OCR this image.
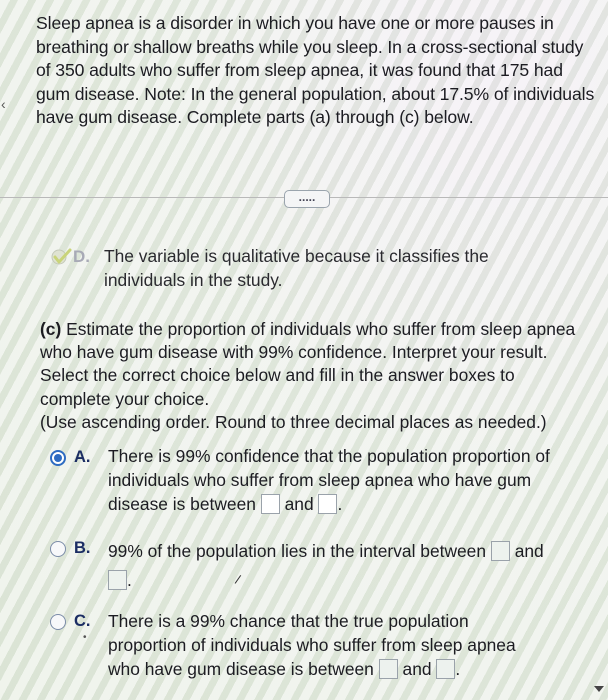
‹
Sleep apnea is a disorder in which you have one or more pauses in breathing or shallow breaths while you sleep. In a cross-sectional study of 350 adults who suffer from sleep apnea, it was found that 175 had gum disease. Note: In the general population, about 17.5% of individuals have gum disease. Complete parts (a) through (c) below.
.....
D. The variable is qualitative because it classifies the individuals in the study.
(c) Estimate the proportion of individuals who suffer from sleep apnea who have gum disease with 99% confidence. Interpret your result. Select the correct choice below and fill in the answer boxes to complete your choice.
(Use ascending order. Round to three decimal places as needed.)
A. There is 99% confidence that the population proportion of individuals who suffer from sleep apnea who have gum disease is between and .
B. 99% of the population lies in the interval between and
.	/
C.
•
There is a 99% chance that the true population proportion of individuals who suffer from sleep apnea who have gum disease is between and .
